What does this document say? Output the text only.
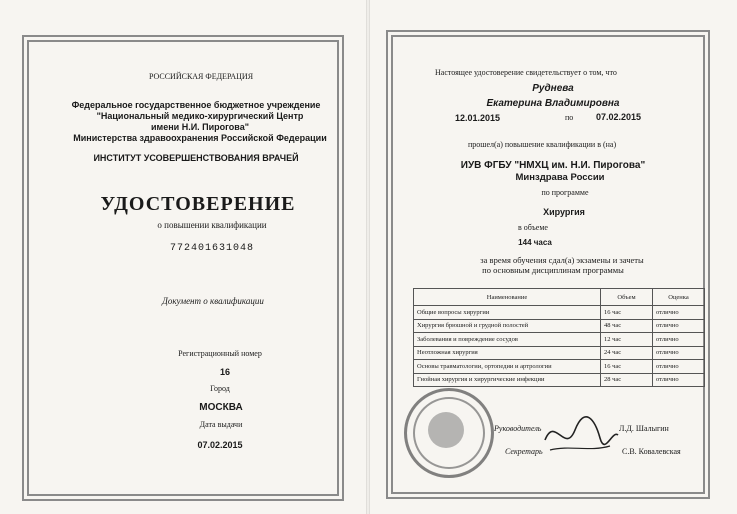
РОССИЙСКАЯ ФЕДЕРАЦИЯ
Федеральное государственное бюджетное учреждение
"Национальный медико-хирургический Центр
имени Н.И. Пирогова"
Министерства здравоохранения Российской Федерации
ИНСТИТУТ УСОВЕРШЕНСТВОВАНИЯ ВРАЧЕЙ
УДОСТОВЕРЕНИЕ
о повышении квалификации
772401631048
Документ о квалификации
Регистрационный номер
16
Город
МОСКВА
Дата выдачи
07.02.2015
Настоящее удостоверение свидетельствует о том, что
Руднева
Екатерина Владимировна
12.01.2015	по	07.02.2015
прошел(а) повышение квалификации в (на)
ИУВ ФГБУ "НМХЦ им. Н.И. Пирогова"
Минздрава России
по программе
Хирургия
в объеме
144 часа
за время обучения сдал(а) экзамены и зачеты
по основным дисциплинам программы
Наименование	Объем	Оценка
Общие вопросы хирургии	16 час	отлично
Хирургия брюшной и грудной полостей	48 час	отлично
Заболевания и повреждение сосудов	12 час	отлично
Неотложная хирургия	24 час	отлично
Основы травматологии, ортопедии и артрологии	16 час	отлично
Гнойная хирургия и хирургические инфекции	28 час	отлично
Руководитель	Л.Д. Шалыгин
Секретарь	С.В. Ковалевская
